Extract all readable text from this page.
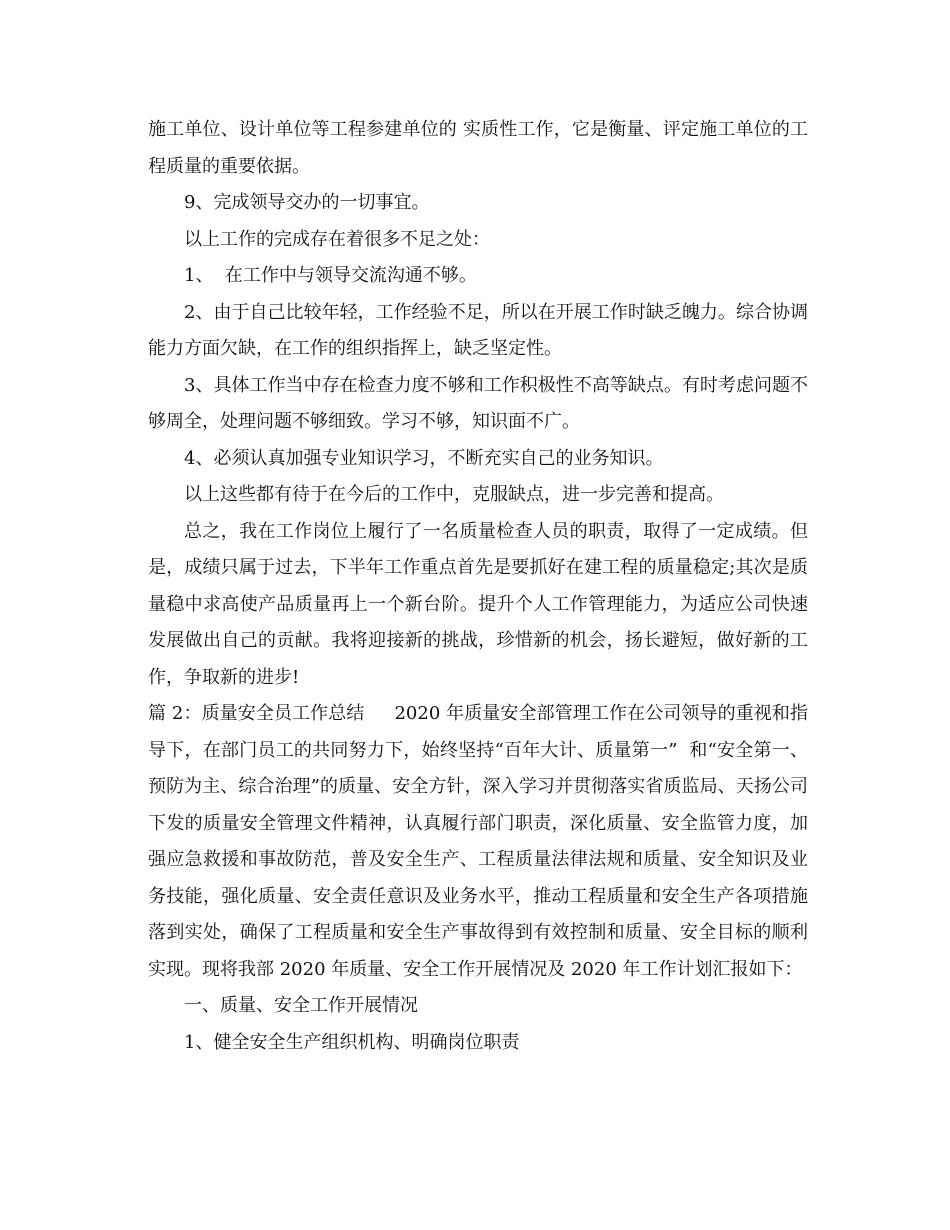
施工单位、设计单位等工程参建单位的 实质性工作，它是衡量、评定施工单位的工程质量的重要依据。

9、完成领导交办的一切事宜。

以上工作的完成存在着很多不足之处：

1、  在工作中与领导交流沟通不够。

2、由于自己比较年轻，工作经验不足，所以在开展工作时缺乏魄力。综合协调能力方面欠缺，在工作的组织指挥上，缺乏坚定性。

3、具体工作当中存在检查力度不够和工作积极性不高等缺点。有时考虑问题不够周全，处理问题不够细致。学习不够，知识面不广。

4、必须认真加强专业知识学习，不断充实自己的业务知识。

以上这些都有待于在今后的工作中，克服缺点，进一步完善和提高。

总之，我在工作岗位上履行了一名质量检查人员的职责，取得了一定成绩。但是，成绩只属于过去，下半年工作重点首先是要抓好在建工程的质量稳定;其次是质量稳中求高使产品质量再上一个新台阶。提升个人工作管理能力，为适应公司快速发展做出自己的贡献。我将迎接新的挑战，珍惜新的机会，扬长避短，做好新的工作，争取新的进步!

篇 2：质量安全员工作总结 2020 年质量安全部管理工作在公司领导的重视和指导下，在部门员工的共同努力下，始终坚持“百年大计、质量第一”  和“安全第一、预防为主、综合治理”的质量、安全方针，深入学习并贯彻落实省质监局、天扬公司下发的质量安全管理文件精神，认真履行部门职责，深化质量、安全监管力度，加强应急救援和事故防范，普及安全生产、工程质量法律法规和质量、安全知识及业务技能，强化质量、安全责任意识及业务水平，推动工程质量和安全生产各项措施落到实处，确保了工程质量和安全生产事故得到有效控制和质量、安全目标的顺利实现。现将我部 2020 年质量、安全工作开展情况及 2020 年工作计划汇报如下：

一、质量、安全工作开展情况

1、健全安全生产组织机构、明确岗位职责
